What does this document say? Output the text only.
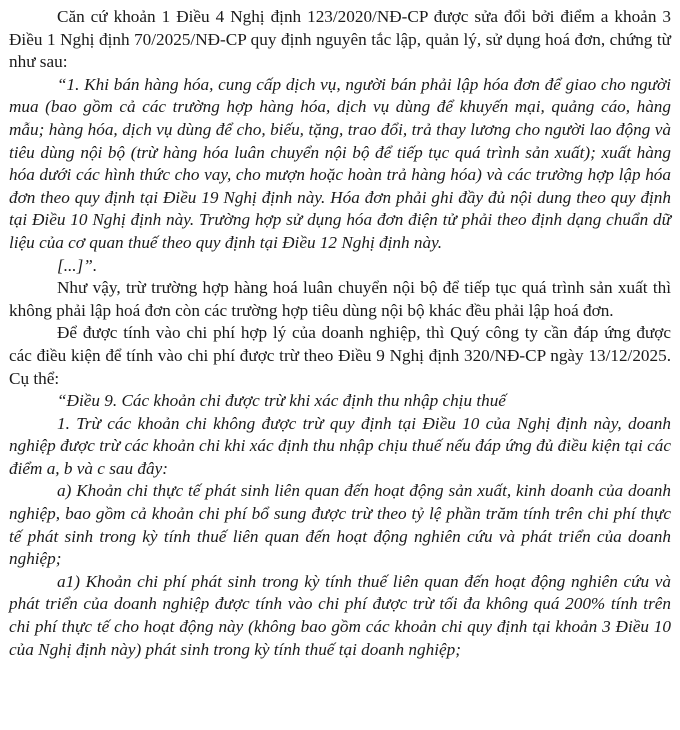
Căn cứ khoản 1 Điều 4 Nghị định 123/2020/NĐ-CP được sửa đổi bởi điểm a khoản 3 Điều 1 Nghị định 70/2025/NĐ-CP quy định nguyên tắc lập, quản lý, sử dụng hoá đơn, chứng từ như sau:

“1. Khi bán hàng hóa, cung cấp dịch vụ, người bán phải lập hóa đơn để giao cho người mua (bao gồm cả các trường hợp hàng hóa, dịch vụ dùng để khuyến mại, quảng cáo, hàng mẫu; hàng hóa, dịch vụ dùng để cho, biếu, tặng, trao đổi, trả thay lương cho người lao động và tiêu dùng nội bộ (trừ hàng hóa luân chuyển nội bộ để tiếp tục quá trình sản xuất); xuất hàng hóa dưới các hình thức cho vay, cho mượn hoặc hoàn trả hàng hóa) và các trường hợp lập hóa đơn theo quy định tại Điều 19 Nghị định này. Hóa đơn phải ghi đầy đủ nội dung theo quy định tại Điều 10 Nghị định này. Trường hợp sử dụng hóa đơn điện tử phải theo định dạng chuẩn dữ liệu của cơ quan thuế theo quy định tại Điều 12 Nghị định này.

[...]”.

Như vậy, trừ trường hợp hàng hoá luân chuyển nội bộ để tiếp tục quá trình sản xuất thì không phải lập hoá đơn còn các trường hợp tiêu dùng nội bộ khác đều phải lập hoá đơn.

Để được tính vào chi phí hợp lý của doanh nghiệp, thì Quý công ty cần đáp ứng được các điều kiện để tính vào chi phí được trừ theo Điều 9 Nghị định 320/NĐ-CP ngày 13/12/2025. Cụ thể:

“Điều 9. Các khoản chi được trừ khi xác định thu nhập chịu thuế

1. Trừ các khoản chi không được trừ quy định tại Điều 10 của Nghị định này, doanh nghiệp được trừ các khoản chi khi xác định thu nhập chịu thuế nếu đáp ứng đủ điều kiện tại các điểm a, b và c sau đây:

a) Khoản chi thực tế phát sinh liên quan đến hoạt động sản xuất, kinh doanh của doanh nghiệp, bao gồm cả khoản chi phí bổ sung được trừ theo tỷ lệ phần trăm tính trên chi phí thực tế phát sinh trong kỳ tính thuế liên quan đến hoạt động nghiên cứu và phát triển của doanh nghiệp;

a1) Khoản chi phí phát sinh trong kỳ tính thuế liên quan đến hoạt động nghiên cứu và phát triển của doanh nghiệp được tính vào chi phí được trừ tối đa không quá 200% tính trên chi phí thực tế cho hoạt động này (không bao gồm các khoản chi quy định tại khoản 3 Điều 10 của Nghị định này) phát sinh trong kỳ tính thuế tại doanh nghiệp;
